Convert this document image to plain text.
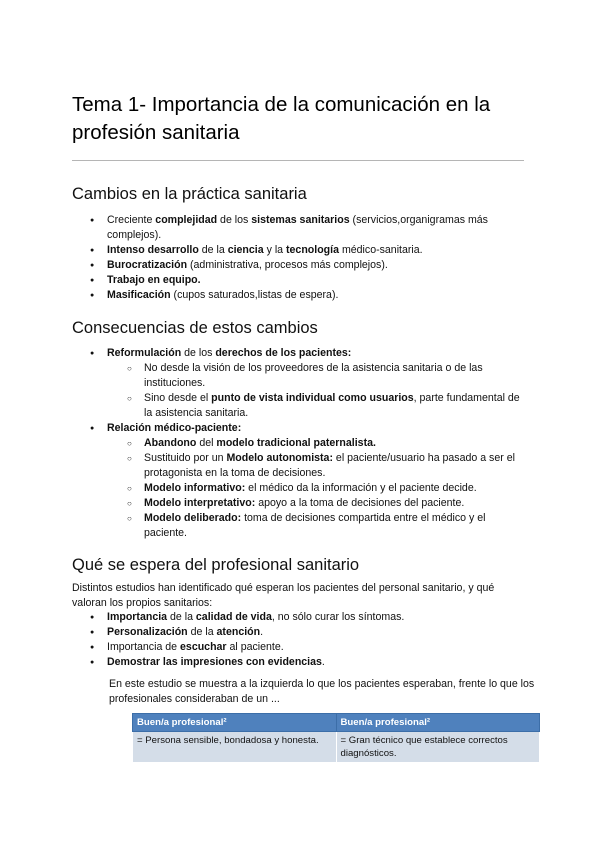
Tema 1- Importancia de la comunicación en la profesión sanitaria
Cambios en la práctica sanitaria
● Creciente complejidad de los sistemas sanitarios (servicios,organigramas más complejos).
● Intenso desarrollo de la ciencia y la tecnología médico-sanitaria.
● Burocratización (administrativa, procesos más complejos).
● Trabajo en equipo.
● Masificación (cupos saturados,listas de espera).
Consecuencias de estos cambios
● Reformulación de los derechos de los pacientes:
○ No desde la visión de los proveedores de la asistencia sanitaria o de las instituciones.
○ Sino desde el punto de vista individual como usuarios, parte fundamental de la asistencia sanitaria.
● Relación médico-paciente:
○ Abandono del modelo tradicional paternalista.
○ Sustituido por un Modelo autonomista: el paciente/usuario ha pasado a ser el protagonista en la toma de decisiones.
○ Modelo informativo: el médico da la información y el paciente decide.
○ Modelo interpretativo: apoyo a la toma de decisiones del paciente.
○ Modelo deliberado: toma de decisiones compartida entre el médico y el paciente.
Qué se espera del profesional sanitario

Distintos estudios han identificado qué esperan los pacientes del personal sanitario, y qué valoran los propios sanitarios:

● Importancia de la calidad de vida, no sólo curar los síntomas.
● Personalización de la atención.
● Importancia de escuchar al paciente.
● Demostrar las impresiones con evidencias.

En este estudio se muestra a la izquierda lo que los pacientes esperaban, frente lo que los profesionales consideraban de un ...

Buen/a profesional²	Buen/a profesional²
= Persona sensible, bondadosa y honesta.	= Gran técnico que establece correctos diagnósticos.
